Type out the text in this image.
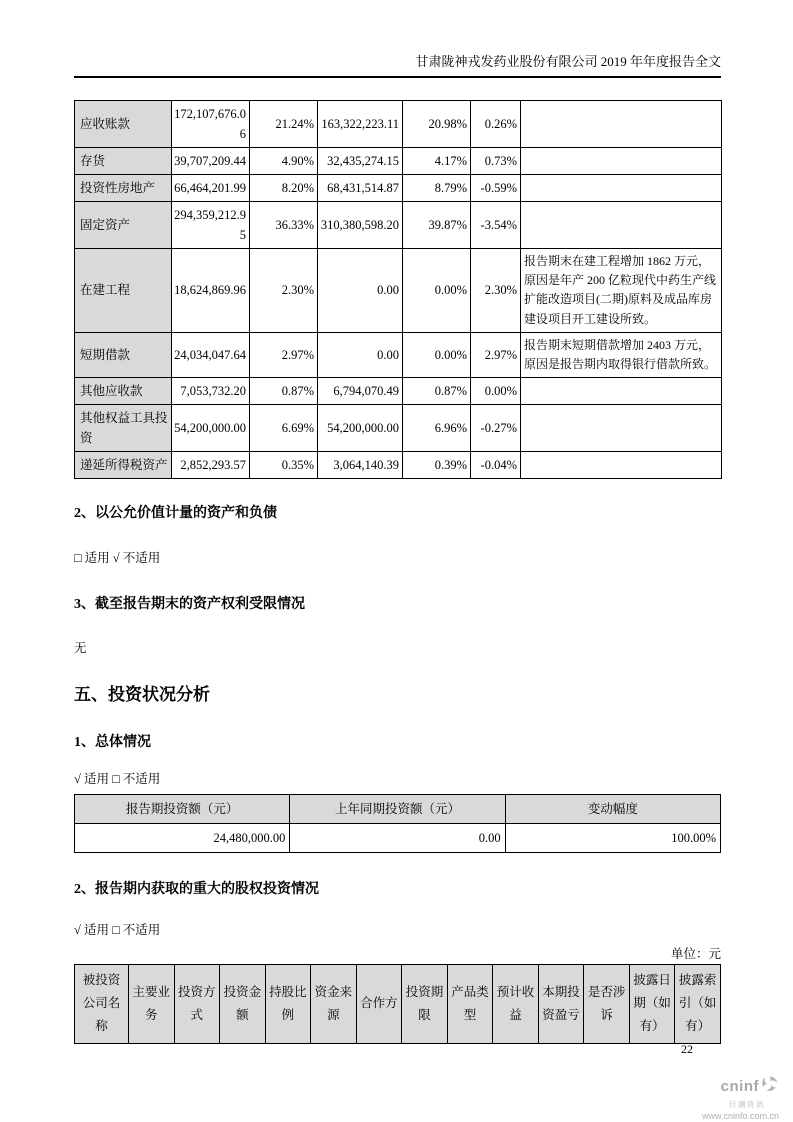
甘肃陇神戎发药业股份有限公司 2019 年年度报告全文
应收账款	172,107,676.06	21.24%	163,322,223.11	20.98%	0.26%	
存货	39,707,209.44	4.90%	32,435,274.15	4.17%	0.73%	
投资性房地产	66,464,201.99	8.20%	68,431,514.87	8.79%	-0.59%	
固定资产	294,359,212.95	36.33%	310,380,598.20	39.87%	-3.54%	
在建工程	18,624,869.96	2.30%	0.00	0.00%	2.30%	报告期末在建工程增加 1862 万元，原因是年产 200 亿粒现代中药生产线扩能改造项目(二期)原料及成品库房建设项目开工建设所致。
短期借款	24,034,047.64	2.97%	0.00	0.00%	2.97%	报告期末短期借款增加 2403 万元，原因是报告期内取得银行借款所致。
其他应收款	7,053,732.20	0.87%	6,794,070.49	0.87%	0.00%	
其他权益工具投资	54,200,000.00	6.69%	54,200,000.00	6.96%	-0.27%	
递延所得税资产	2,852,293.57	0.35%	3,064,140.39	0.39%	-0.04%	

2、以公允价值计量的资产和负债

□ 适用 √ 不适用

3、截至报告期末的资产权利受限情况

无

五、投资状况分析

1、总体情况

√ 适用 □ 不适用

报告期投资额（元）	上年同期投资额（元）	变动幅度
24,480,000.00	0.00	100.00%

2、报告期内获取的重大的股权投资情况

√ 适用 □ 不适用

单位：元
被投资公司名称	主要业务	投资方式	投资金额	持股比例	资金来源	合作方	投资期限	产品类型	预计收益	本期投资盈亏	是否涉诉	披露日期（如有）	披露索引（如有）
22
cninf
巨潮资讯
www.cninfo.com.cn
